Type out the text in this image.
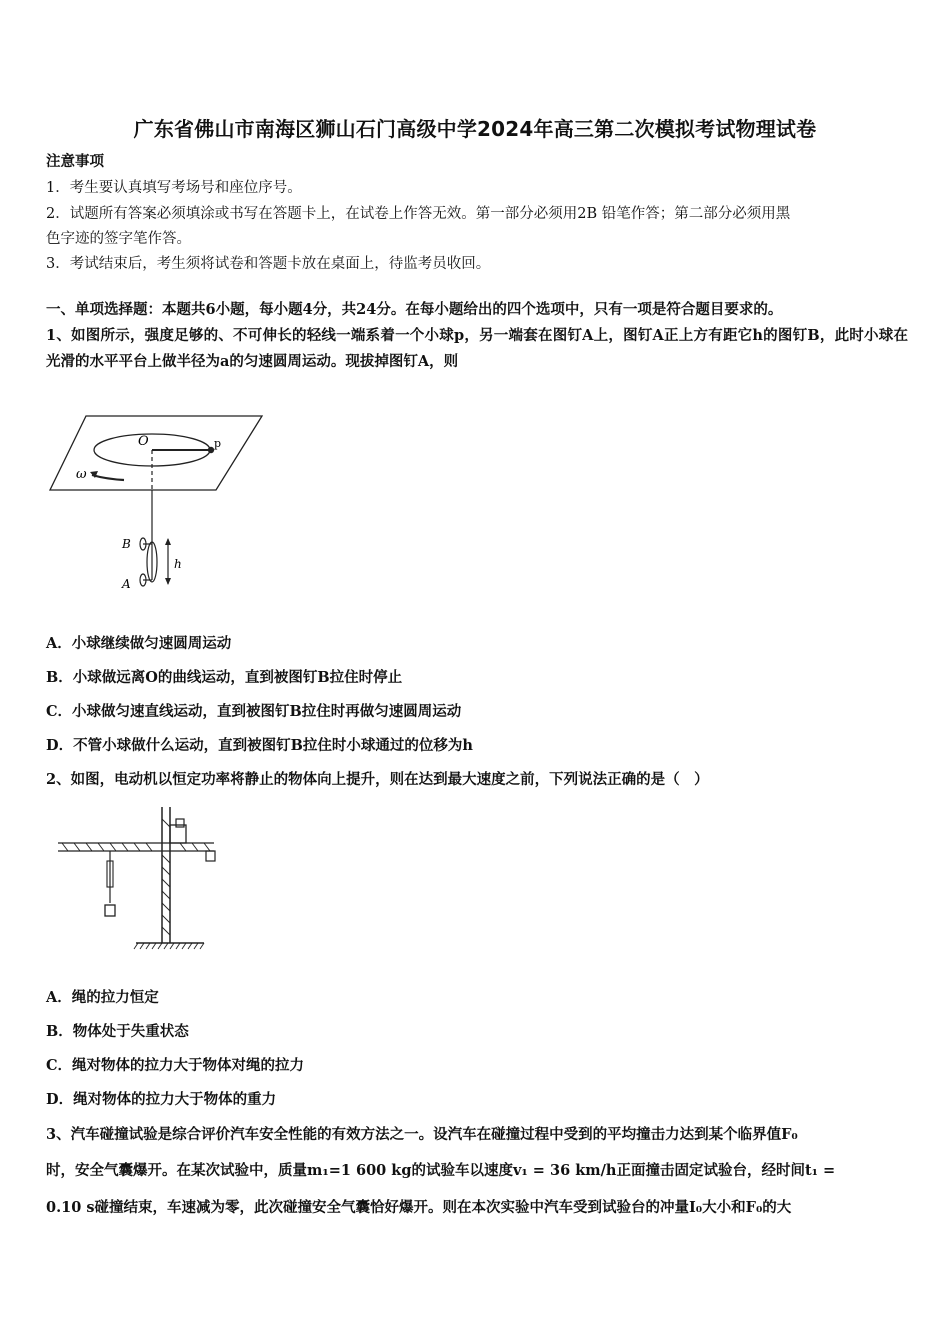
广东省佛山市南海区狮山石门高级中学2024年高三第二次模拟考试物理试卷
注意事项
1．考生要认真填写考场号和座位序号。
2．试题所有答案必须填涂或书写在答题卡上，在试卷上作答无效。第一部分必须用2B 铅笔作答；第二部分必须用黑
色字迹的签字笔作答。
3．考试结束后，考生须将试卷和答题卡放在桌面上，待监考员收回。
一、单项选择题：本题共6小题，每小题4分，共24分。在每小题给出的四个选项中，只有一项是符合题目要求的。
1、如图所示，强度足够的、不可伸长的轻线一端系着一个小球p，另一端套在图钉A上，图钉A正上方有距它h的图钉B，此时小球在光滑的水平平台上做半径为a的匀速圆周运动。现拔掉图钉A，则
O	p
ω
B
A
h
A．小球继续做匀速圆周运动
B．小球做远离O的曲线运动，直到被图钉B拉住时停止
C．小球做匀速直线运动，直到被图钉B拉住时再做匀速圆周运动
D．不管小球做什么运动，直到被图钉B拉住时小球通过的位移为h
2、如图，电动机以恒定功率将静止的物体向上提升，则在达到最大速度之前，下列说法正确的是（　）
A．绳的拉力恒定
B．物体处于失重状态
C．绳对物体的拉力大于物体对绳的拉力
D．绳对物体的拉力大于物体的重力
3、汽车碰撞试验是综合评价汽车安全性能的有效方法之一。设汽车在碰撞过程中受到的平均撞击力达到某个临界值F₀
时，安全气囊爆开。在某次试验中，质量m₁=1 600 kg的试验车以速度v₁ = 36 km/h正面撞击固定试验台，经时间t₁ =
0.10 s碰撞结束，车速减为零，此次碰撞安全气囊恰好爆开。则在本次实验中汽车受到试验台的冲量I₀大小和F₀的大
